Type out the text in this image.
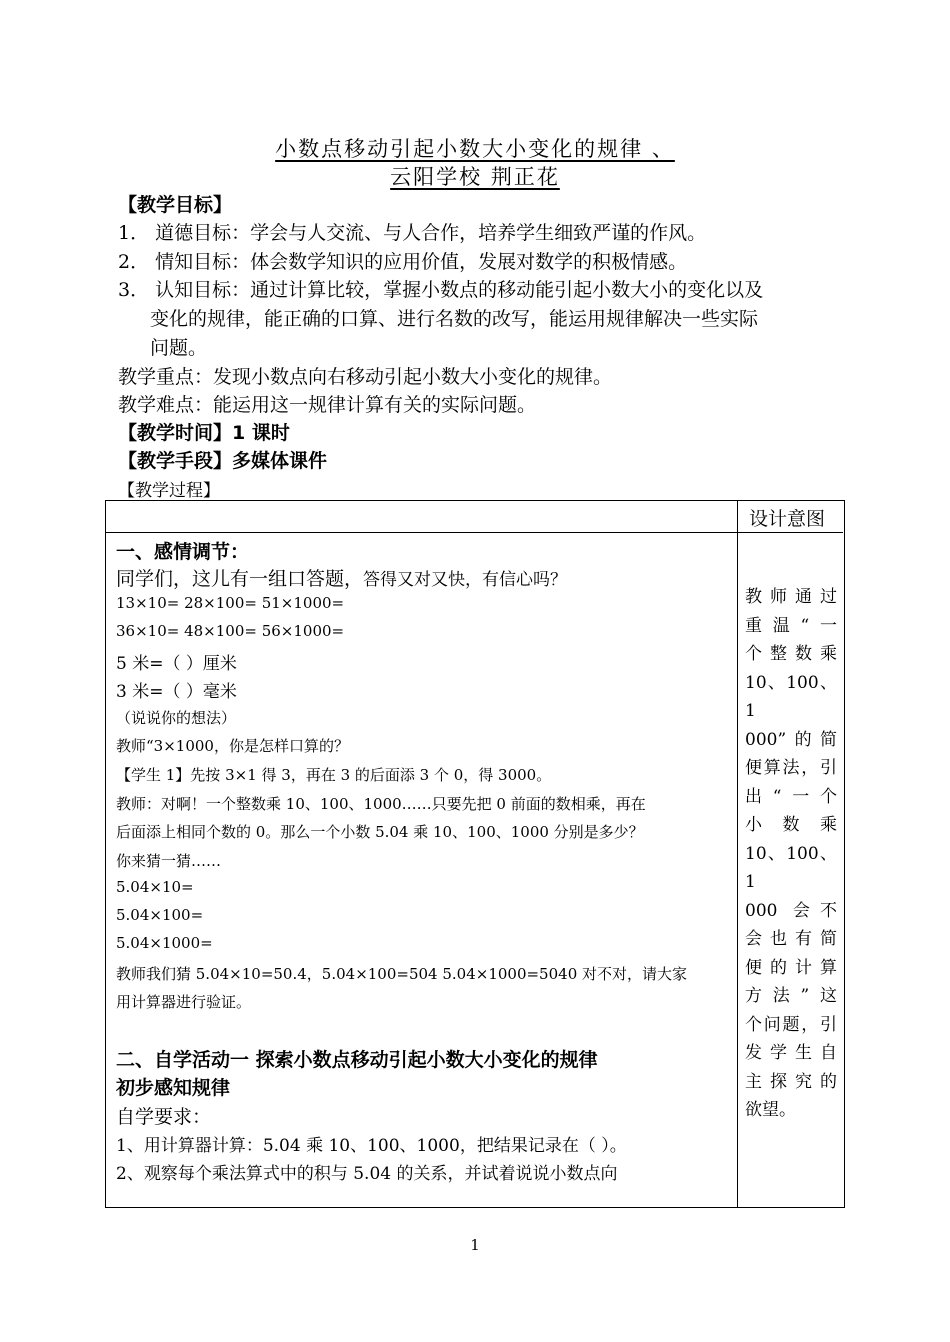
小数点移动引起小数大小变化的规律 、
云阳学校 荆正花
【教学目标】
1． 道德目标：学会与人交流、与人合作，培养学生细致严谨的作风。
2． 情知目标：体会数学知识的应用价值，发展对数学的积极情感。
3． 认知目标：通过计算比较，掌握小数点的移动能引起小数大小的变化以及
变化的规律，能正确的口算、进行名数的改写，能运用规律解决一些实际
问题。
教学重点：发现小数点向右移动引起小数大小变化的规律。
教学难点：能运用这一规律计算有关的实际问题。
【教学时间】1 课时
【教学手段】多媒体课件
【教学过程】
设计意图
一、感情调节：
同学们，这儿有一组口答题，答得又对又快，有信心吗？
13×10= 28×100= 51×1000=
36×10= 48×100= 56×1000=
5 米=（ ）厘米
3 米=（ ）毫米
（说说你的想法）
教师“3×1000，你是怎样口算的？
【学生 1】先按 3×1 得 3，再在 3 的后面添 3 个 0，得 3000。
教师：对啊！一个整数乘 10、100、1000……只要先把 0 前面的数相乘，再在
后面添上相同个数的 0。那么一个小数 5.04 乘 10、100、1000 分别是多少？
你来猜一猜……
5.04×10=
5.04×100=
5.04×1000=
教师我们猜 5.04×10=50.4，5.04×100=504 5.04×1000=5040 对不对，请大家
用计算器进行验证。
二、自学活动一 探索小数点移动引起小数大小变化的规律
初步感知规律
自学要求：
1、用计算器计算：5.04 乘 10、100、1000，把结果记录在（ ）。
2、观察每个乘法算式中的积与 5.04 的关系，并试着说说小数点向
教师通过
重温“一
个整数乘
10、100、1
000”的简
便算法，引
出“一个
小 数 乘
10、100、1
000 会不
会也有简
便的计算
方法”这
个问题，引
发学生自
主探究的
欲望。
1
